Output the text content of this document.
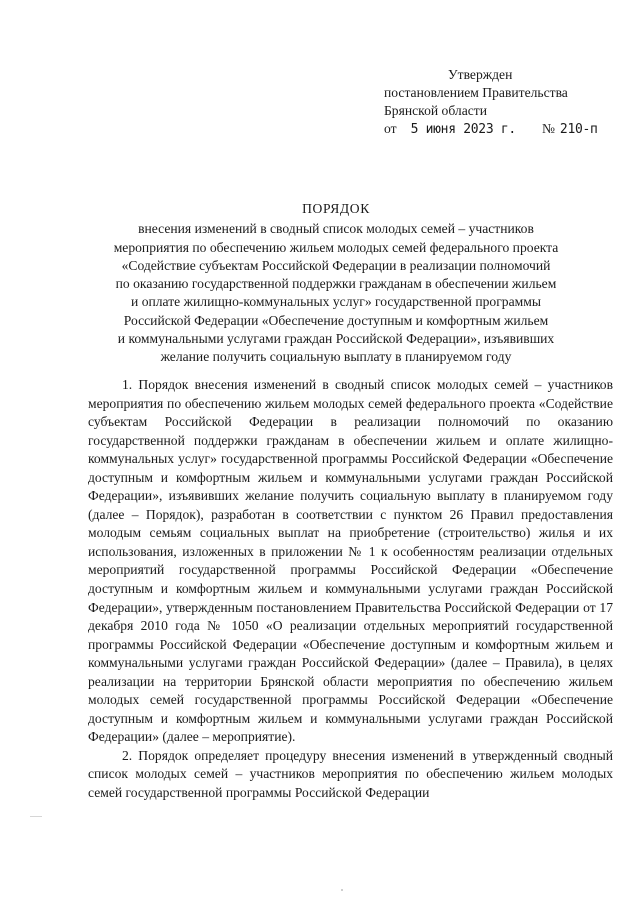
Утвержден
постановлением Правительства
Брянской области
от 5 июня 2023 г. № 210-п
ПОРЯДОК
внесения изменений в сводный список молодых семей – участников
мероприятия по обеспечению жильем молодых семей федерального проекта
«Содействие субъектам Российской Федерации в реализации полномочий
по оказанию государственной поддержки гражданам в обеспечении жильем
и оплате жилищно-коммунальных услуг» государственной программы
Российской Федерации «Обеспечение доступным и комфортным жильем
и коммунальными услугами граждан Российской Федерации», изъявивших
желание получить социальную выплату в планируемом году

1. Порядок внесения изменений в сводный список молодых семей – участников мероприятия по обеспечению жильем молодых семей федерального проекта «Содействие субъектам Российской Федерации в реализации полномочий по оказанию государственной поддержки гражданам в обеспечении жильем и оплате жилищно-коммунальных услуг» государственной программы Российской Федерации «Обеспечение доступным и комфортным жильем и коммунальными услугами граждан Российской Федерации», изъявивших желание получить социальную выплату в планируемом году (далее – Порядок), разработан в соответствии с пунктом 26 Правил предоставления молодым семьям социальных выплат на приобретение (строительство) жилья и их использования, изложенных в приложении № 1 к особенностям реализации отдельных мероприятий государственной программы Российской Федерации «Обеспечение доступным и комфортным жильем и коммунальными услугами граждан Российской Федерации», утвержденным постановлением Правительства Российской Федерации от 17 декабря 2010 года № 1050 «О реализации отдельных мероприятий государственной программы Российской Федерации «Обеспечение доступным и комфортным жильем и коммунальными услугами граждан Российской Федерации» (далее – Правила), в целях реализации на территории Брянской области мероприятия по обеспечению жильем молодых семей государственной программы Российской Федерации «Обеспечение доступным и комфортным жильем и коммунальными услугами граждан Российской Федерации» (далее – мероприятие).

2. Порядок определяет процедуру внесения изменений в утвержденный сводный список молодых семей – участников мероприятия по обеспечению жильем молодых семей государственной программы Российской Федерации
